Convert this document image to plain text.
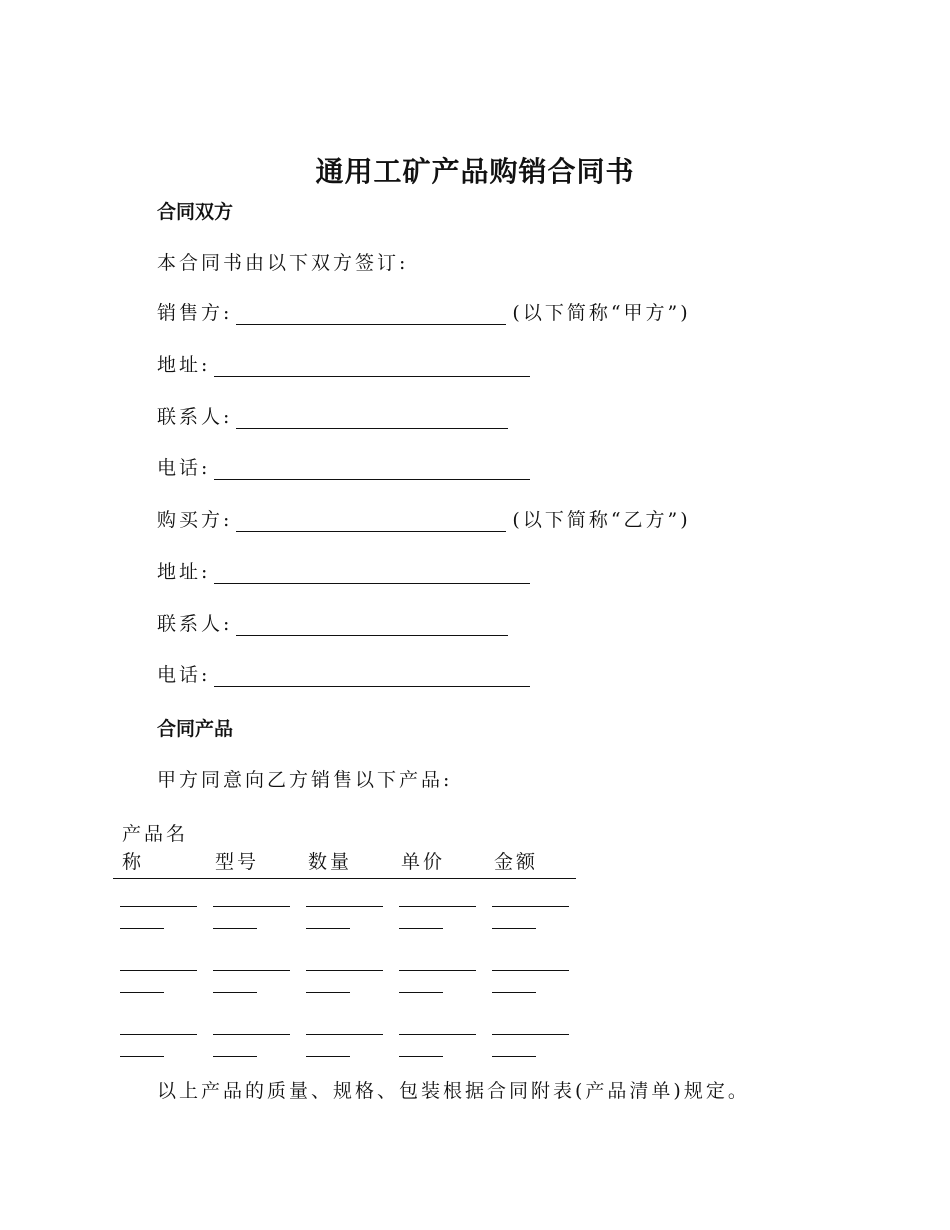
通用工矿产品购销合同书
合同双方

本合同书由以下双方签订:

销售方:	(以下简称“甲方”)
地址:
联系人:
电话:
购买方:	(以下简称“乙方”)
地址:
联系人:
电话:
合同产品

甲方同意向乙方销售以下产品:

产品名称	型号	数量	单价	金额

以上产品的质量、规格、包装根据合同附表(产品清单)规定。
